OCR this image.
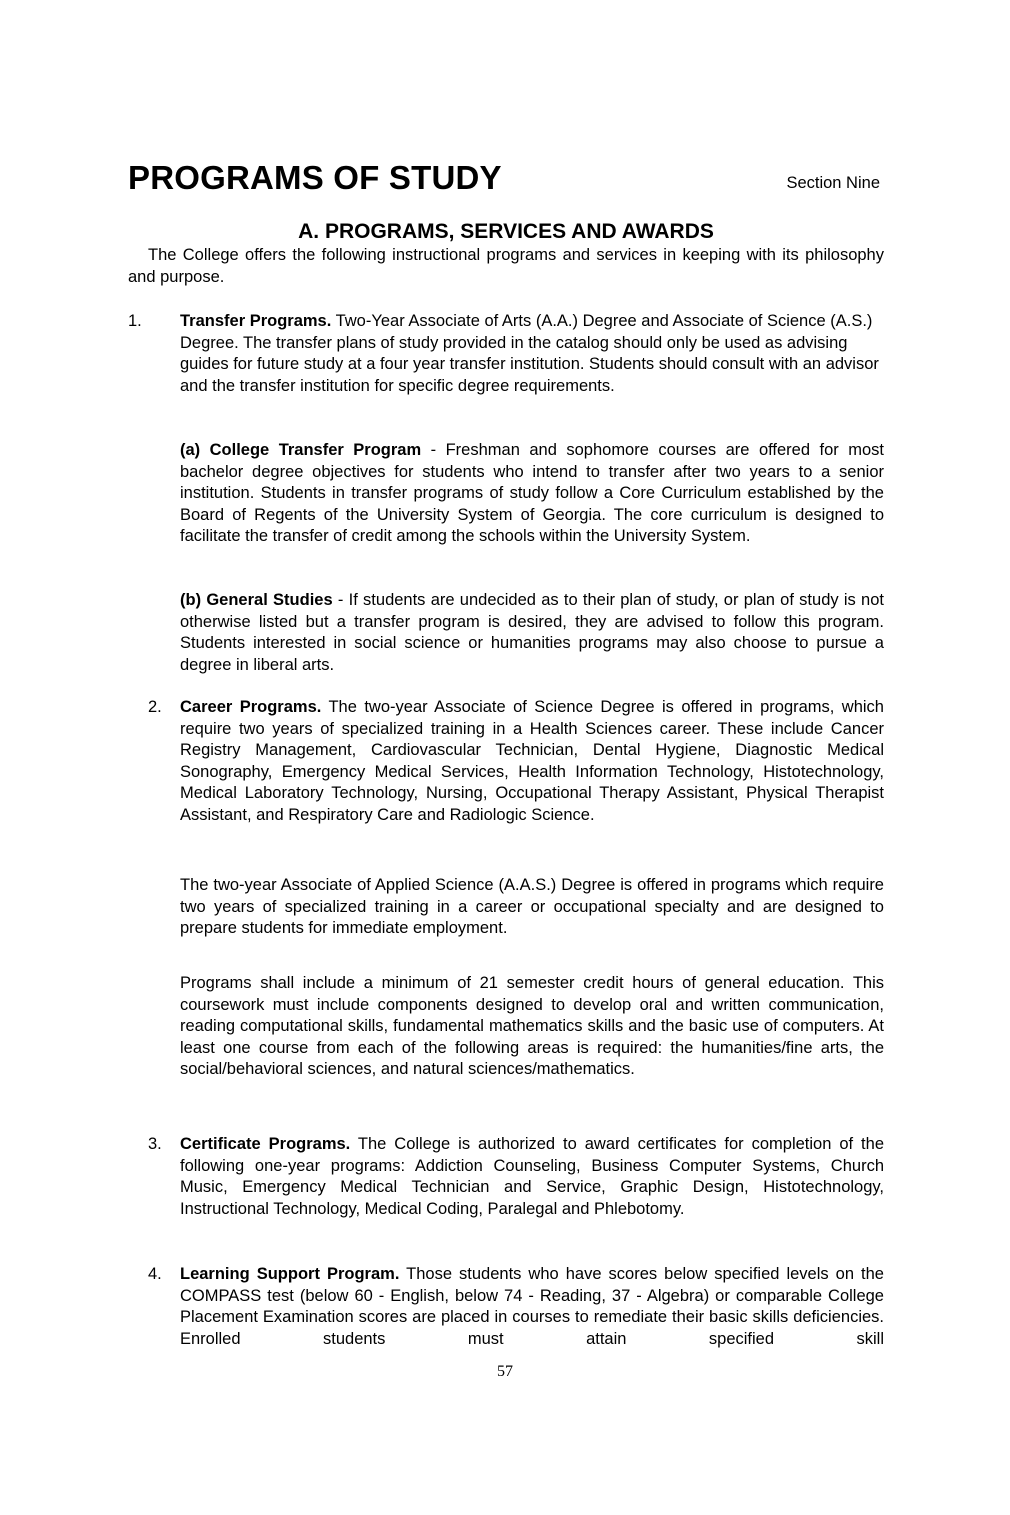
PROGRAMS OF STUDY	Section Nine
A. PROGRAMS, SERVICES AND AWARDS

The College offers the following instructional programs and services in keeping with its philosophy and purpose.

1. Transfer Programs. Two-Year Associate of Arts (A.A.) Degree and Associate of Science (A.S.) Degree. The transfer plans of study provided in the catalog should only be used as advising guides for future study at a four year transfer institution. Students should consult with an advisor and the transfer institution for specific degree requirements.

(a) College Transfer Program - Freshman and sophomore courses are offered for most bachelor degree objectives for students who intend to transfer after two years to a senior institution. Students in transfer programs of study follow a Core Curriculum established by the Board of Regents of the University System of Georgia. The core curriculum is designed to facilitate the transfer of credit among the schools within the University System.

(b) General Studies - If students are undecided as to their plan of study, or plan of study is not otherwise listed but a transfer program is desired, they are advised to follow this program. Students interested in social science or humanities programs may also choose to pursue a degree in liberal arts.

2. Career Programs. The two-year Associate of Science Degree is offered in programs, which require two years of specialized training in a Health Sciences career. These include Cancer Registry Management, Cardiovascular Technician, Dental Hygiene, Diagnostic Medical Sonography, Emergency Medical Services, Health Information Technology, Histotechnology, Medical Laboratory Technology, Nursing, Occupational Therapy Assistant, Physical Therapist Assistant, and Respiratory Care and Radiologic Science.

The two-year Associate of Applied Science (A.A.S.) Degree is offered in programs which require two years of specialized training in a career or occupational specialty and are designed to prepare students for immediate employment.

Programs shall include a minimum of 21 semester credit hours of general education. This coursework must include components designed to develop oral and written communication, reading computational skills, fundamental mathematics skills and the basic use of computers. At least one course from each of the following areas is required: the humanities/fine arts, the social/behavioral sciences, and natural sciences/mathematics.

3. Certificate Programs. The College is authorized to award certificates for completion of the following one-year programs: Addiction Counseling, Business Computer Systems, Church Music, Emergency Medical Technician and Service, Graphic Design, Histotechnology, Instructional Technology, Medical Coding, Paralegal and Phlebotomy.

4. Learning Support Program. Those students who have scores below specified levels on the COMPASS test (below 60 - English, below 74 - Reading, 37 - Algebra) or comparable College Placement Examination scores are placed in courses to remediate their basic skills deficiencies. Enrolled students must attain specified skill

57
